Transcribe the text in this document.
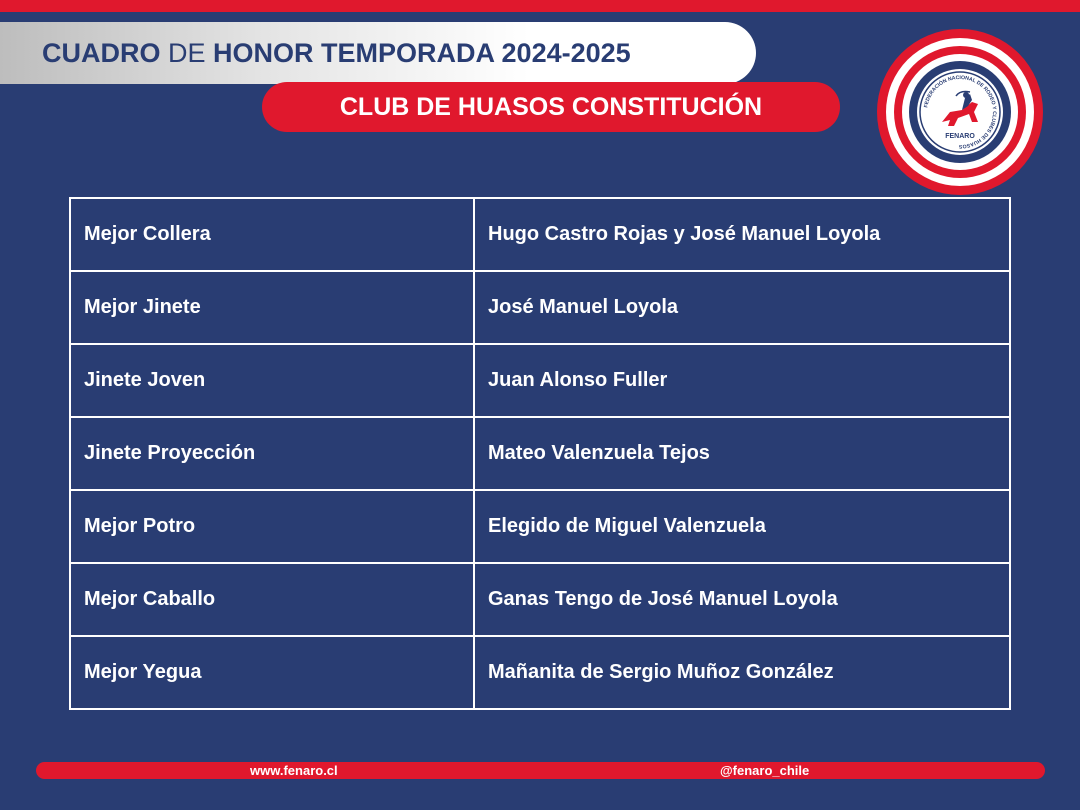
CUADRO DE HONOR TEMPORADA 2024-2025
CLUB DE HUASOS CONSTITUCIÓN	FEDERACIÓN NACIONAL DE RODEO Y CLUBES DE HUASOS
FENARO
Mejor Collera	Hugo Castro Rojas y José Manuel Loyola
Mejor Jinete	José Manuel Loyola
Jinete Joven	Juan Alonso Fuller
Jinete Proyección	Mateo Valenzuela Tejos
Mejor Potro	Elegido de Miguel Valenzuela
Mejor Caballo	Ganas Tengo de José Manuel Loyola
Mejor Yegua	Mañanita de Sergio Muñoz González
www.fenaro.cl	@fenaro_chile
